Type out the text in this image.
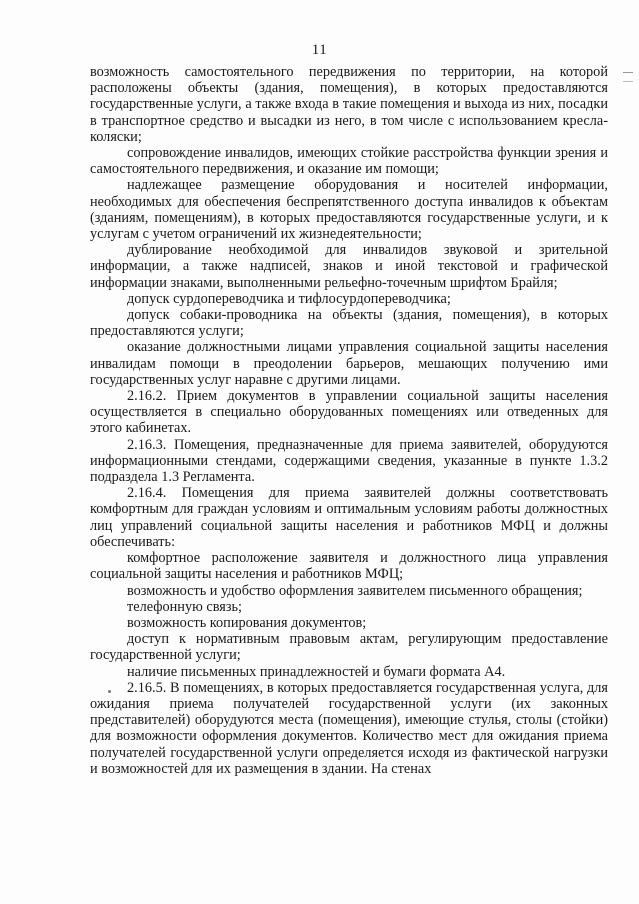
11

возможность самостоятельного передвижения по территории, на которой расположены объекты (здания, помещения), в которых предоставляются государственные услуги, а также входа в такие помещения и выхода из них, посадки в транспортное средство и высадки из него, в том числе с использованием кресла-коляски;

сопровождение инвалидов, имеющих стойкие расстройства функции зрения и самостоятельного передвижения, и оказание им помощи;

надлежащее размещение оборудования и носителей информации, необходимых для обеспечения беспрепятственного доступа инвалидов к объектам (зданиям, помещениям), в которых предоставляются государственные услуги, и к услугам с учетом ограничений их жизнедеятельности;

дублирование необходимой для инвалидов звуковой и зрительной информации, а также надписей, знаков и иной текстовой и графической информации знаками, выполненными рельефно-точечным шрифтом Брайля;

допуск сурдопереводчика и тифлосурдопереводчика;

допуск собаки-проводника на объекты (здания, помещения), в которых предоставляются услуги;

оказание должностными лицами управления социальной защиты населения инвалидам помощи в преодолении барьеров, мешающих получению ими государственных услуг наравне с другими лицами.

2.16.2. Прием документов в управлении социальной защиты населения осуществляется в специально оборудованных помещениях или отведенных для этого кабинетах.

2.16.3. Помещения, предназначенные для приема заявителей, оборудуются информационными стендами, содержащими сведения, указанные в пункте 1.3.2 подраздела 1.3 Регламента.

2.16.4. Помещения для приема заявителей должны соответствовать комфортным для граждан условиям и оптимальным условиям работы должностных лиц управлений социальной защиты населения и работников МФЦ и должны обеспечивать:

комфортное расположение заявителя и должностного лица управления социальной защиты населения и работников МФЦ;

возможность и удобство оформления заявителем письменного обращения;

телефонную связь;

возможность копирования документов;

доступ к нормативным правовым актам, регулирующим предоставление государственной услуги;

наличие письменных принадлежностей и бумаги формата А4.

2.16.5. В помещениях, в которых предоставляется государственная услуга, для ожидания приема получателей государственной услуги (их законных представителей) оборудуются места (помещения), имеющие стулья, столы (стойки) для возможности оформления документов. Количество мест для ожидания приема получателей государственной услуги определяется исходя из фактической нагрузки и возможностей для их размещения в здании. На стенах
